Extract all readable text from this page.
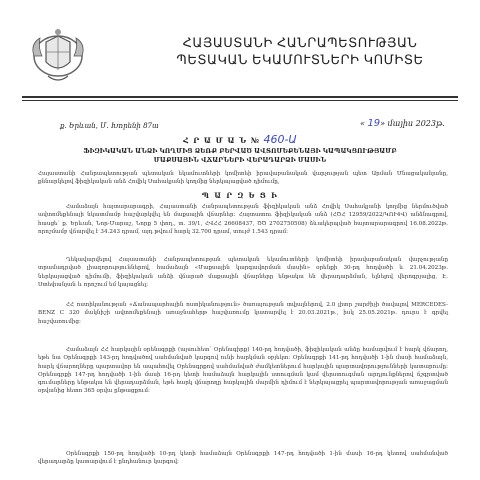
ՀԱՅԱՍՏԱՆԻ ՀԱՆՐԱՊԵՏՈՒԹՅԱՆ
ՊԵՏԱԿԱՆ ԵԿԱՄՈՒՏՆԵՐԻ ԿՈՄԻՏԵ
ք. Երևան, Մ. Խորենի 87ա	« 19» մայիս 2023թ.
Հ Ր Ա Մ Ա Ն № 460-Ա
ՖԻԶԻԿԱԿԱՆ ԱՆՁԻ ԿՈՂՄԻՑ ՁԵՌՔ ԲԵՐՎԱԾ ԱՎՏՈՄԵՔԵՆԱՅԻ ԿԱՊԱԿՑՈՒԹՅԱՄԲ ՄԱՔՍԱՅԻՆ ՎՃԱՐՆԵՐԻ ՎԵՐԱԴԱՐՁԻ ՄԱՍԻՆ
Հայաստանի Հանրապետության պետական եկամուտների կոմիտեի իրավաբանական վարչության պետ Արման Մնացականյանը, քննարկելով ֆիզիկական անձ Հովիկ Սահակյանի կողմից ներկայացված դիմումը,
Պ Ա Ր Զ Ե Ց Ի
Համաձայն հայտարարագրի, Հայաստանի Հանրապետության ֆիզիկական անձ Հովիկ Սահակյանի կողմից ներմուծված ավտոմեքենայի նկատմամբ հաշվարկվել են մաքսային վճարներ: Հայտատու ֆիզիկական անձ (ՀԾՀ 12959/2022/ԿՈՒ4Վ) անձնագրով, հասցե՝ ք. Երևան, Նոր-Մարաշ, Նորք 5 փող., տ. 39/1, ՀՎՀՀ 26608437, ԾԾ 2702750508) ձևակերպված հայտարարագրով 16.08.2022թ. որոշմամբ վճարվել է 34.243 դրամ, այդ թվում հարկ 32.700 դրամ, տույժ 1.543 դրամ:
Ղեկավարվելով Հայաստանի Հանրապետության պետական եկամուտների կոմիտեի իրավաբանական վարչությանը տրամադրված լիազորություններով, համաձայն «Մաքսային կարգավորման մասին» օրենքի 30-րդ հոդվածի և 21.04.2023թ. ներկայացված դիմումի, ֆիզիկական անձի վճարած մաքսային վճարները ենթակա են վերադարձման, ելնելով վերոգրյալից, Է. Ստեփանյան և որոշում եմ կայացնել:
ՀՀ ոստիկանության «Ճանապարհային ոստիկանություն» ծառայության տվյալներով, 2.0 լիտր շարժիչի ծավալով MERCEDES-BENZ C 320 մակնիշի ավտոմեքենայի առաջնահերթ հաշվառումը կատարվել է 20.03.2021թ., իսկ 25.05.2021թ. դուրս է գրվել հաշվառումից:
Համաձայն ՀՀ հարկային օրենսգրքի (այսուհետ՝ Օրենսգիրք) 140-րդ հոդվածի, ֆիզիկական անձը համարվում է հարկ վճարող, եթե նա Օրենսգրքի 143-րդ հոդվածով սահմանված կարգով ունի հարկման օբյեկտ: Օրենսգրքի 141-րդ հոդվածի 1-ին մասի համաձայն, հարկ վճարողները պարտավոր են ապահովել Օրենսգրքով սահմանված ժամկետներում հարկային պարտավորությունների կատարումը: Օրենսգրքի 147-րդ հոդվածի 1-ին մասի 16-րդ կետի համաձայն հարկային ստուգման կամ վերստուգման արդյունքներով ճշգրտված գումարները ենթակա են վերադարձման, եթե հարկ վճարողը հարկային մարմին դիմում է ներկայացրել պարտավորության առաջացման օրվանից հետո 365 օրվա ընթացքում:
Օրենսգրքի 150-րդ հոդվածի 10-րդ կետի համաձայն Օրենսգրքի 147-րդ հոդվածի 1-ին մասի 16-րդ կետով սահմանված վերադարձը կատարվում է ընդհանուր կարգով:
